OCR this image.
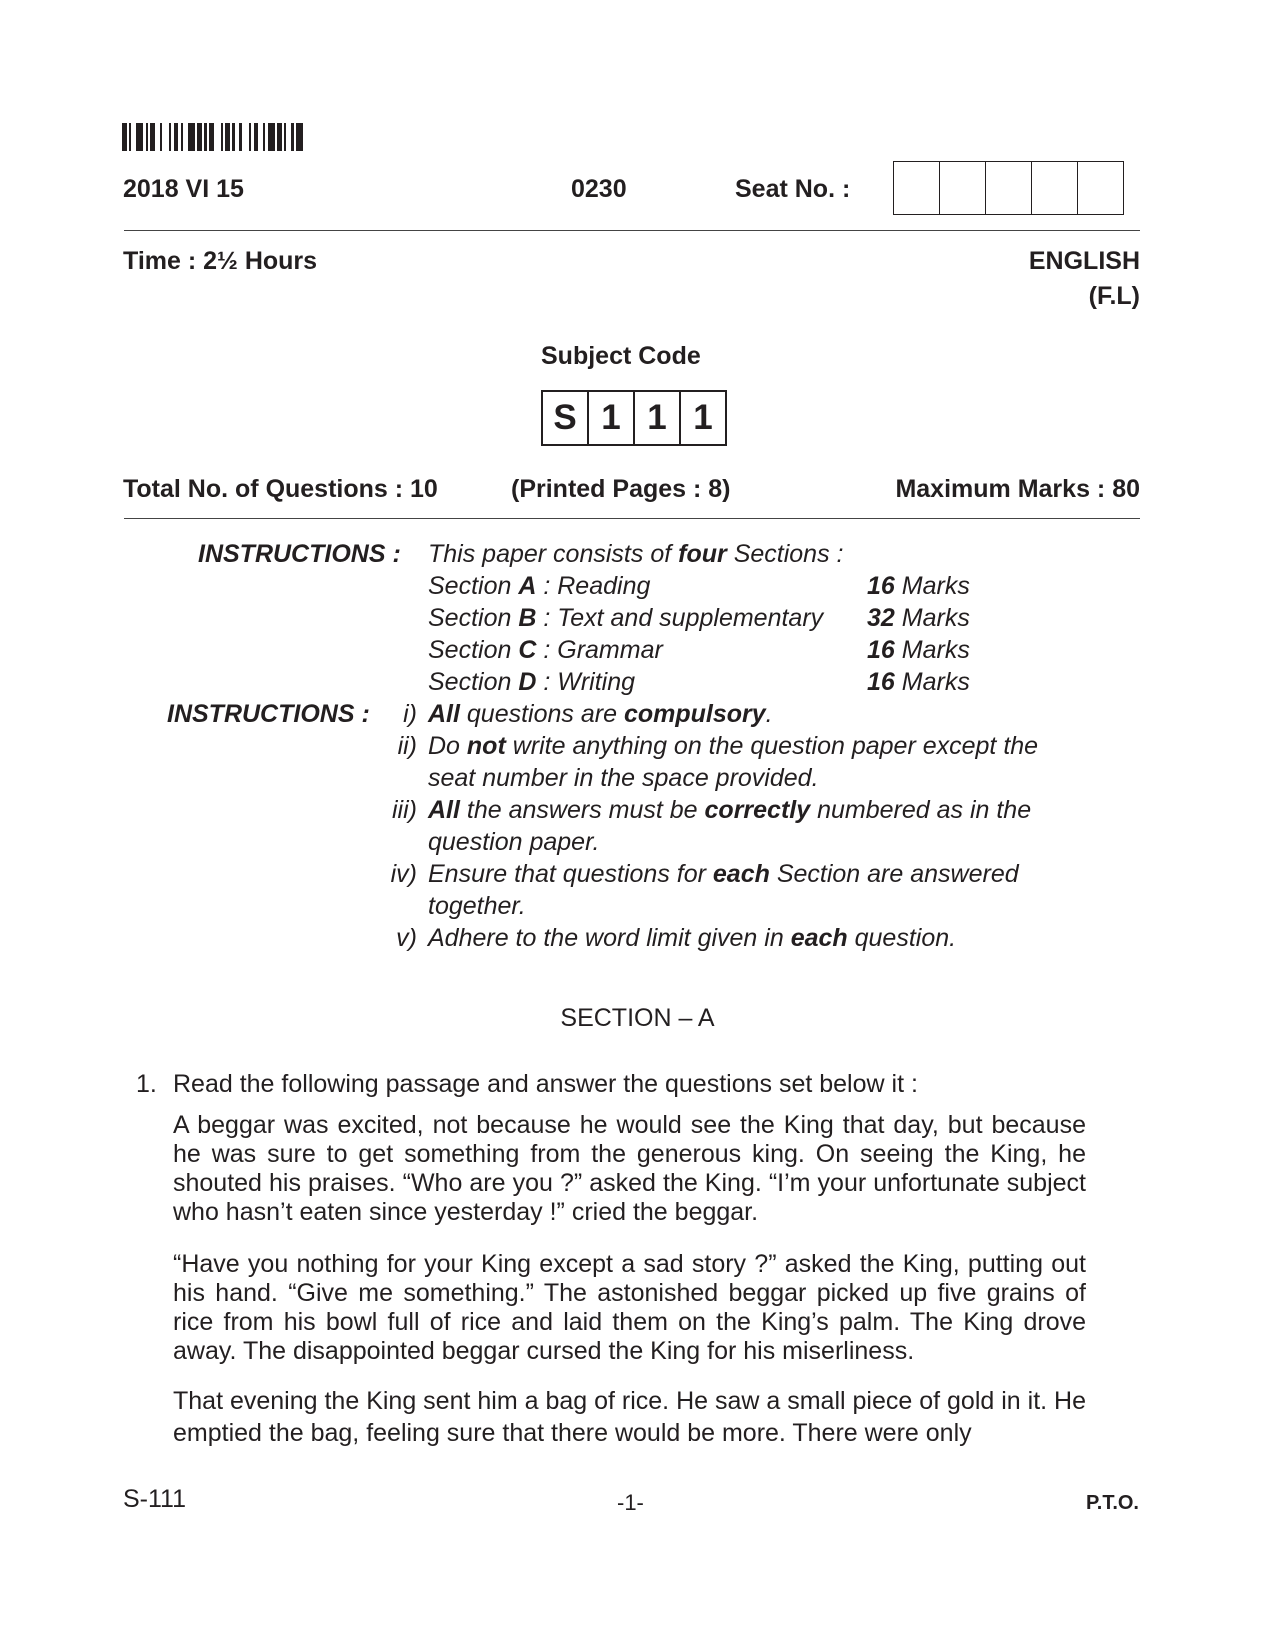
2018 VI 15	0230	Seat No. :
Time : 2½ Hours	ENGLISH
(F.L)
Subject Code
S 1 1 1
Total No. of Questions : 10	(Printed Pages : 8)	Maximum Marks : 80
INSTRUCTIONS : This paper consists of four Sections :
Section A : Reading	16 Marks
Section B : Text and supplementary 32 Marks
Section C : Grammar	16 Marks
Section D : Writing	16 Marks
INSTRUCTIONS : i) All questions are compulsory.
ii) Do not write anything on the question paper except the
seat number in the space provided.
iii) All the answers must be correctly numbered as in the
question paper.
iv) Ensure that questions for each Section are answered
together.
v) Adhere to the word limit given in each question.
SECTION – A
1. Read the following passage and answer the questions set below it :

A beggar was excited, not because he would see the King that day, but because he was sure to get something from the generous king. On seeing the King, he shouted his praises. “Who are you ?” asked the King. “I’m your unfortunate subject who hasn’t eaten since yesterday !” cried the beggar.

“Have you nothing for your King except a sad story ?” asked the King, putting out his hand. “Give me something.” The astonished beggar picked up five grains of rice from his bowl full of rice and laid them on the King’s palm. The King drove away. The disappointed beggar cursed the King for his miserliness.

That evening the King sent him a bag of rice. He saw a small piece of gold in it. He emptied the bag, feeling sure that there would be more. There were only

S-111	-1-	P.T.O.
